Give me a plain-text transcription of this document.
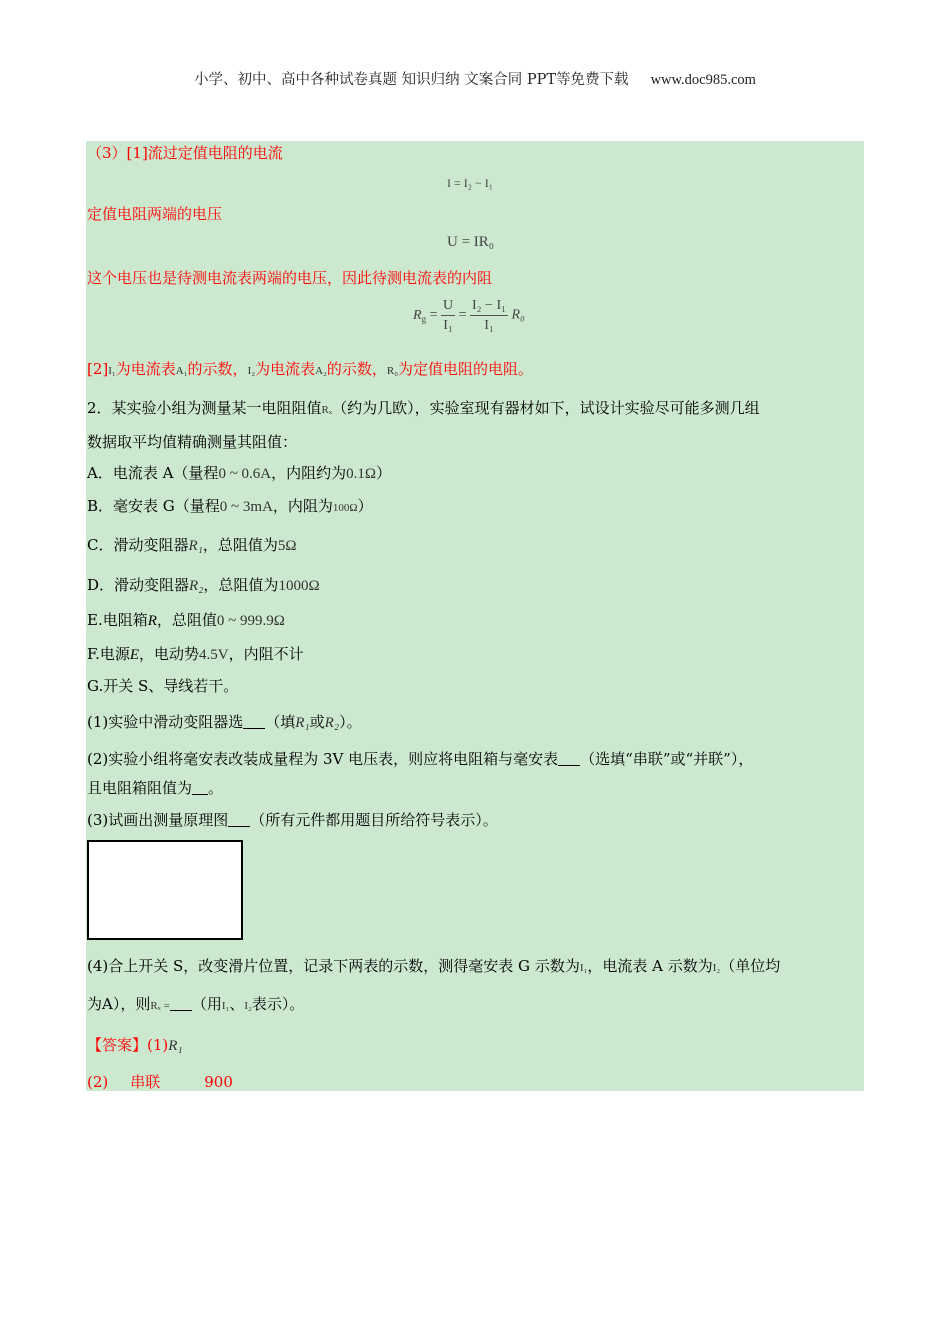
小学、初中、高中各种试卷真题 知识归纳 文案合同 PPT等免费下载 www.doc985.com
（3）[1]流过定值电阻的电流
I = I₂ − I₁
定值电阻两端的电压
U = IR₀
这个电压也是待测电流表两端的电压，因此待测电流表的内阻
$R_g = \frac{U}{\text{I₁}} = \frac{\text{I₂ − I₁}}{\text{I₁}} R_0$
[2]I₁为电流表A₁的示数，I₂为电流表A₂的示数，R₀为定值电阻的电阻。
2．某实验小组为测量某一电阻阻值Rₓ（约为几欧），实验室现有器材如下，试设计实验尽可能多测几组
数据取平均值精确测量其阻值：
A．电流表 A（量程0 ~ 0.6A，内阻约为0.1Ω）
B．毫安表 G（量程0 ~ 3mA，内阻为100Ω）
C．滑动变阻器R₁，总阻值为5Ω
D．滑动变阻器R₂，总阻值为1000Ω
E.电阻箱R，总阻值0 ~ 999.9Ω
F.电源E，电动势4.5V，内阻不计
G.开关 S、导线若干。
(1)实验中滑动变阻器选 （填R₁或R₂）。
(2)实验小组将毫安表改装成量程为 3V 电压表，则应将电阻箱与毫安表 （选填“串联”或“并联”），
且电阻箱阻值为 。
(3)试画出测量原理图 （所有元件都用题目所给符号表示）。
(4)合上开关 S，改变滑片位置，记录下两表的示数，测得毫安表 G 示数为I₁，电流表 A 示数为I₂（单位均
为A），则Rₓ = （用I₁、I₂表示）。
【答案】(1)R₁
(2) 串联	900
